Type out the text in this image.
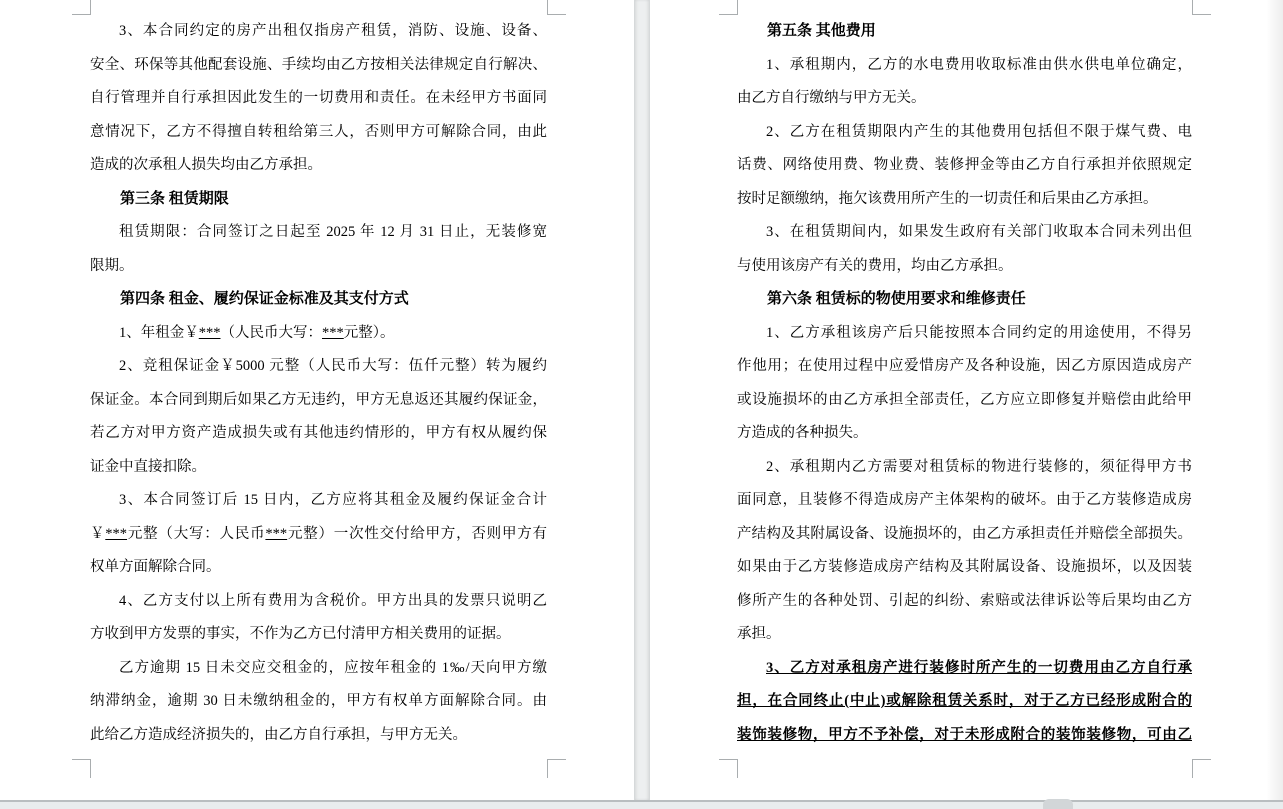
3、本合同约定的房产出租仅指房产租赁，消防、设施、设备、
安全、环保等其他配套设施、手续均由乙方按相关法律规定自行解决、
自行管理并自行承担因此发生的一切费用和责任。在未经甲方书面同
意情况下，乙方不得擅自转租给第三人，否则甲方可解除合同，由此
造成的次承租人损失均由乙方承担。
第三条 租赁期限
租赁期限：合同签订之日起至 2025 年 12 月 31 日止，无装修宽
限期。
第四条 租金、履约保证金标准及其支付方式
1、年租金￥***（人民币大写：***元整）。
2、竞租保证金￥5000 元整（人民币大写：伍仟元整）转为履约
保证金。本合同到期后如果乙方无违约，甲方无息返还其履约保证金，
若乙方对甲方资产造成损失或有其他违约情形的，甲方有权从履约保
证金中直接扣除。
3、本合同签订后 15 日内，乙方应将其租金及履约保证金合计
￥***元整（大写：人民币***元整）一次性交付给甲方，否则甲方有
权单方面解除合同。
4、乙方支付以上所有费用为含税价。甲方出具的发票只说明乙
方收到甲方发票的事实，不作为乙方已付清甲方相关费用的证据。
乙方逾期 15 日未交应交租金的，应按年租金的 1‰/天向甲方缴
纳滞纳金，逾期 30 日未缴纳租金的，甲方有权单方面解除合同。由
此给乙方造成经济损失的，由乙方自行承担，与甲方无关。
第五条 其他费用
1、承租期内，乙方的水电费用收取标准由供水供电单位确定，
由乙方自行缴纳与甲方无关。
2、乙方在租赁期限内产生的其他费用包括但不限于煤气费、电
话费、网络使用费、物业费、装修押金等由乙方自行承担并依照规定
按时足额缴纳，拖欠该费用所产生的一切责任和后果由乙方承担。
3、在租赁期间内，如果发生政府有关部门收取本合同未列出但
与使用该房产有关的费用，均由乙方承担。
第六条 租赁标的物使用要求和维修责任
1、乙方承租该房产后只能按照本合同约定的用途使用，不得另
作他用；在使用过程中应爱惜房产及各种设施，因乙方原因造成房产
或设施损坏的由乙方承担全部责任，乙方应立即修复并赔偿由此给甲
方造成的各种损失。
2、承租期内乙方需要对租赁标的物进行装修的，须征得甲方书
面同意，且装修不得造成房产主体架构的破坏。由于乙方装修造成房
产结构及其附属设备、设施损坏的，由乙方承担责任并赔偿全部损失。
如果由于乙方装修造成房产结构及其附属设备、设施损坏，以及因装
修所产生的各种处罚、引起的纠纷、索赔或法律诉讼等后果均由乙方
承担。
3、乙方对承租房产进行装修时所产生的一切费用由乙方自行承
担，在合同终止(中止)或解除租赁关系时，对于乙方已经形成附合的
装饰装修物，甲方不予补偿，对于未形成附合的装饰装修物，可由乙
